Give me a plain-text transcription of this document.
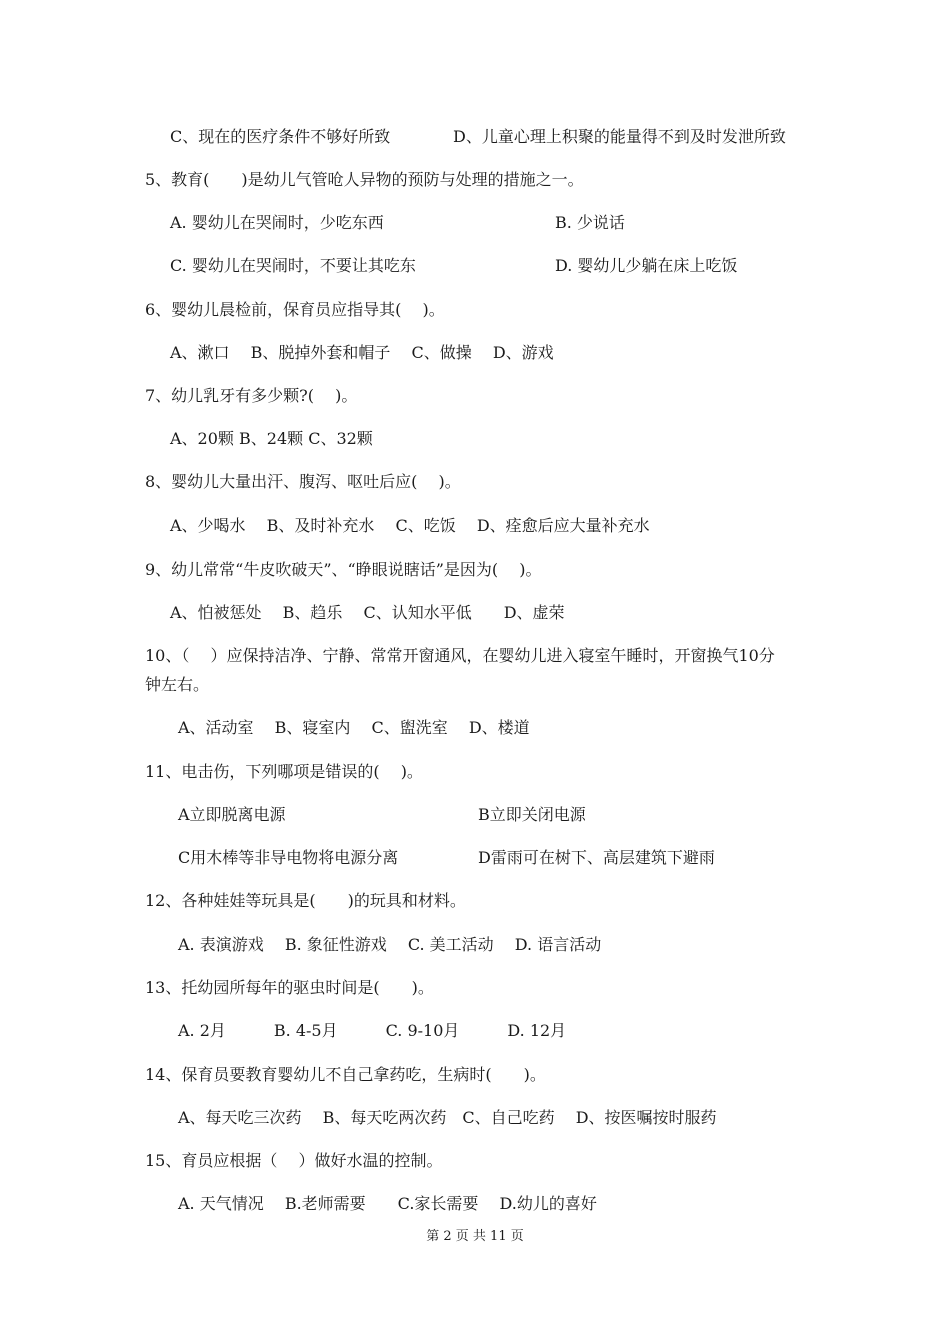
C、现在的医疗条件不够好所致	D、儿童心理上积聚的能量得不到及时发泄所致
5、教育(　　)是幼儿气管呛人异物的预防与处理的措施之一。
A. 婴幼儿在哭闹时，少吃东西	B. 少说话
C. 婴幼儿在哭闹时，不要让其吃东	D. 婴幼儿少躺在床上吃饭
6、婴幼儿晨检前，保育员应指导其(　 )。
A、漱口　 B、脱掉外套和帽子　 C、做操　 D、游戏
7、幼儿乳牙有多少颗?(　 )。
A、20颗 B、24颗 C、32颗
8、婴幼儿大量出汗、腹泻、呕吐后应(　 )。
A、少喝水　 B、及时补充水　 C、吃饭　 D、痊愈后应大量补充水
9、幼儿常常“牛皮吹破天”、“睁眼说瞎话”是因为(　 )。
A、怕被惩处　 B、趋乐　 C、认知水平低　　D、虚荣
10、（　 ）应保持洁净、宁静、常常开窗通风，在婴幼儿进入寝室午睡时，开窗换气10分
钟左右。
A、活动室　 B、寝室内　 C、盥洗室　 D、楼道
11、电击伤，下列哪项是错误的(　 )。
A立即脱离电源	B立即关闭电源
C用木棒等非导电物将电源分离	D雷雨可在树下、高层建筑下避雨
12、各种娃娃等玩具是(　　)的玩具和材料。
A. 表演游戏　 B. 象征性游戏　 C. 美工活动　 D. 语言活动
13、托幼园所每年的驱虫时间是(　　)。
A. 2月　　　B. 4-5月　　　C. 9-10月　　　D. 12月
14、保育员要教育婴幼儿不自己拿药吃，生病时(　　)。
A、每天吃三次药　 B、每天吃两次药　C、自己吃药　 D、按医嘱按时服药
15、育员应根据（　 ）做好水温的控制。
A. 天气情况　 B.老师需要　　C.家长需要　 D.幼儿的喜好
第 2 页 共 11 页
